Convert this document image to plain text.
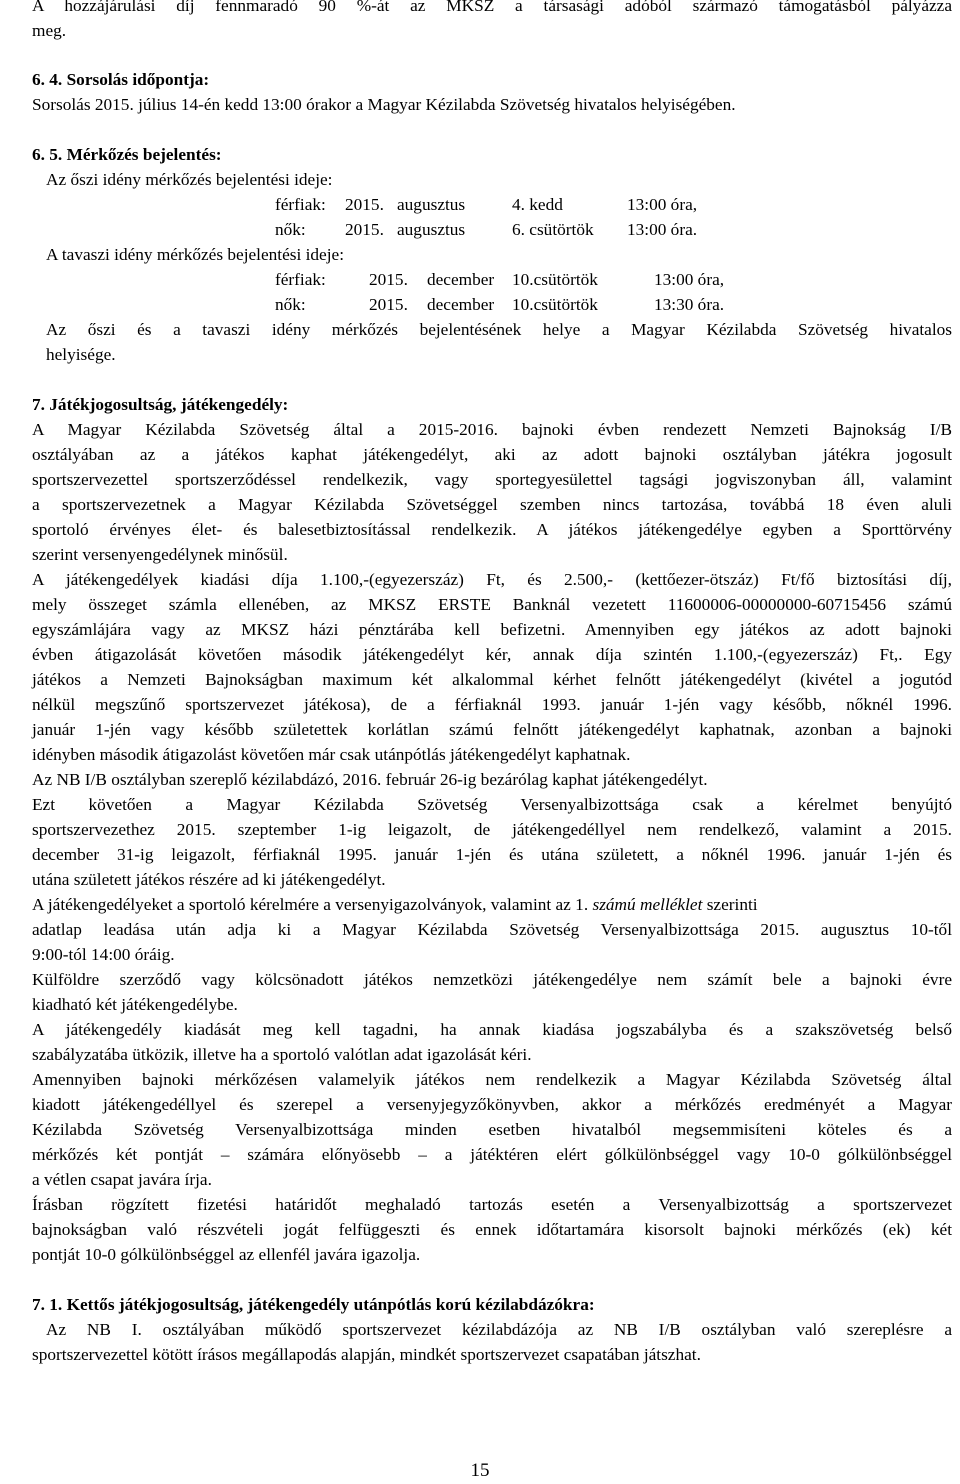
A hozzájárulási díj fennmaradó 90 %-át az MKSZ a társasági adóból származó támogatásból pályázza
meg.
6. 4. Sorsolás időpontja:
Sorsolás 2015. július 14-én kedd 13:00 órakor a Magyar Kézilabda Szövetség hivatalos helyiségében.
6. 5. Mérkőzés bejelentés:
Az őszi idény mérkőzés bejelentési ideje:
férfiak: 2015. augusztus	4. kedd	13:00 óra,
nők: 2015. augusztus	6. csütörtök 13:00 óra.
A tavaszi idény mérkőzés bejelentési ideje:
férfiak: 2015. december 10.csütörtök	13:00 óra,
nők:	2015. december 10.csütörtök	13:30 óra.
Az őszi és a tavaszi idény mérkőzés bejelentésének helye a Magyar Kézilabda Szövetség hivatalos
helyisége.
7. Játékjogosultság, játékengedély:
A Magyar Kézilabda Szövetség által a 2015-2016. bajnoki évben rendezett Nemzeti Bajnokság I/B
osztályában az a játékos kaphat játékengedélyt, aki az adott bajnoki osztályban játékra jogosult
sportszervezettel sportszerződéssel rendelkezik, vagy sportegyesülettel tagsági jogviszonyban áll, valamint
a sportszervezetnek a Magyar Kézilabda Szövetséggel szemben nincs tartozása, továbbá 18 éven aluli
sportoló érvényes élet- és balesetbiztosítással rendelkezik. A játékos játékengedélye egyben a Sporttörvény
szerint versenyengedélynek minősül.
A játékengedélyek kiadási díja 1.100,-(egyezerszáz) Ft, és 2.500,- (kettőezer-ötszáz) Ft/fő biztosítási díj,
mely összeget számla ellenében, az MKSZ ERSTE Banknál vezetett 11600006-00000000-60715456 számú
egyszámlájára vagy az MKSZ házi pénztárába kell befizetni. Amennyiben egy játékos az adott bajnoki
évben átigazolását követően második játékengedélyt kér, annak díja szintén 1.100,-(egyezerszáz) Ft,. Egy
játékos a Nemzeti Bajnokságban maximum két alkalommal kérhet felnőtt játékengedélyt (kivétel a jogutód
nélkül megszűnő sportszervezet játékosa), de a férfiaknál 1993. január 1-jén vagy később, nőknél 1996.
január 1-jén vagy később születettek korlátlan számú felnőtt játékengedélyt kaphatnak, azonban a bajnoki
idényben második átigazolást követően már csak utánpótlás játékengedélyt kaphatnak.
Az NB I/B osztályban szereplő kézilabdázó, 2016. február 26-ig bezárólag kaphat játékengedélyt.
Ezt követően a Magyar Kézilabda Szövetség Versenyalbizottsága csak a kérelmet benyújtó
sportszervezethez 2015. szeptember 1-ig leigazolt, de játékengedéllyel nem rendelkező, valamint a 2015.
december 31-ig leigazolt, férfiaknál 1995. január 1-jén és utána született, a nőknél 1996. január 1-jén és
utána született játékos részére ad ki játékengedélyt.
A játékengedélyeket a sportoló kérelmére a versenyigazolványok, valamint az 1. számú melléklet szerinti
adatlap leadása után adja ki a Magyar Kézilabda Szövetség Versenyalbizottsága 2015. augusztus 10-től
9:00-tól 14:00 óráig.
Külföldre szerződő vagy kölcsönadott játékos nemzetközi játékengedélye nem számít bele a bajnoki évre
kiadható két játékengedélybe.
A játékengedély kiadását meg kell tagadni, ha annak kiadása jogszabályba és a szakszövetség belső
szabályzatába ütközik, illetve ha a sportoló valótlan adat igazolását kéri.
Amennyiben bajnoki mérkőzésen valamelyik játékos nem rendelkezik a Magyar Kézilabda Szövetség által
kiadott játékengedéllyel és szerepel a versenyjegyzőkönyvben, akkor a mérkőzés eredményét a Magyar
Kézilabda Szövetség Versenyalbizottsága minden esetben hivatalból megsemmisíteni köteles és a
mérkőzés két pontját – számára előnyösebb – a játéktéren elért gólkülönbséggel vagy 10-0 gólkülönbséggel
a vétlen csapat javára írja.
Írásban rögzített fizetési határidőt meghaladó tartozás esetén a Versenyalbizottság a sportszervezet
bajnokságban való részvételi jogát felfüggeszti és ennek időtartamára kisorsolt bajnoki mérkőzés (ek) két
pontját 10-0 gólkülönbséggel az ellenfél javára igazolja.
7. 1. Kettős játékjogosultság, játékengedély utánpótlás korú kézilabdázókra:
Az NB I. osztályában működő sportszervezet kézilabdázója az NB I/B osztályban való szereplésre a
sportszervezettel kötött írásos megállapodás alapján, mindkét sportszervezet csapatában játszhat.
15
